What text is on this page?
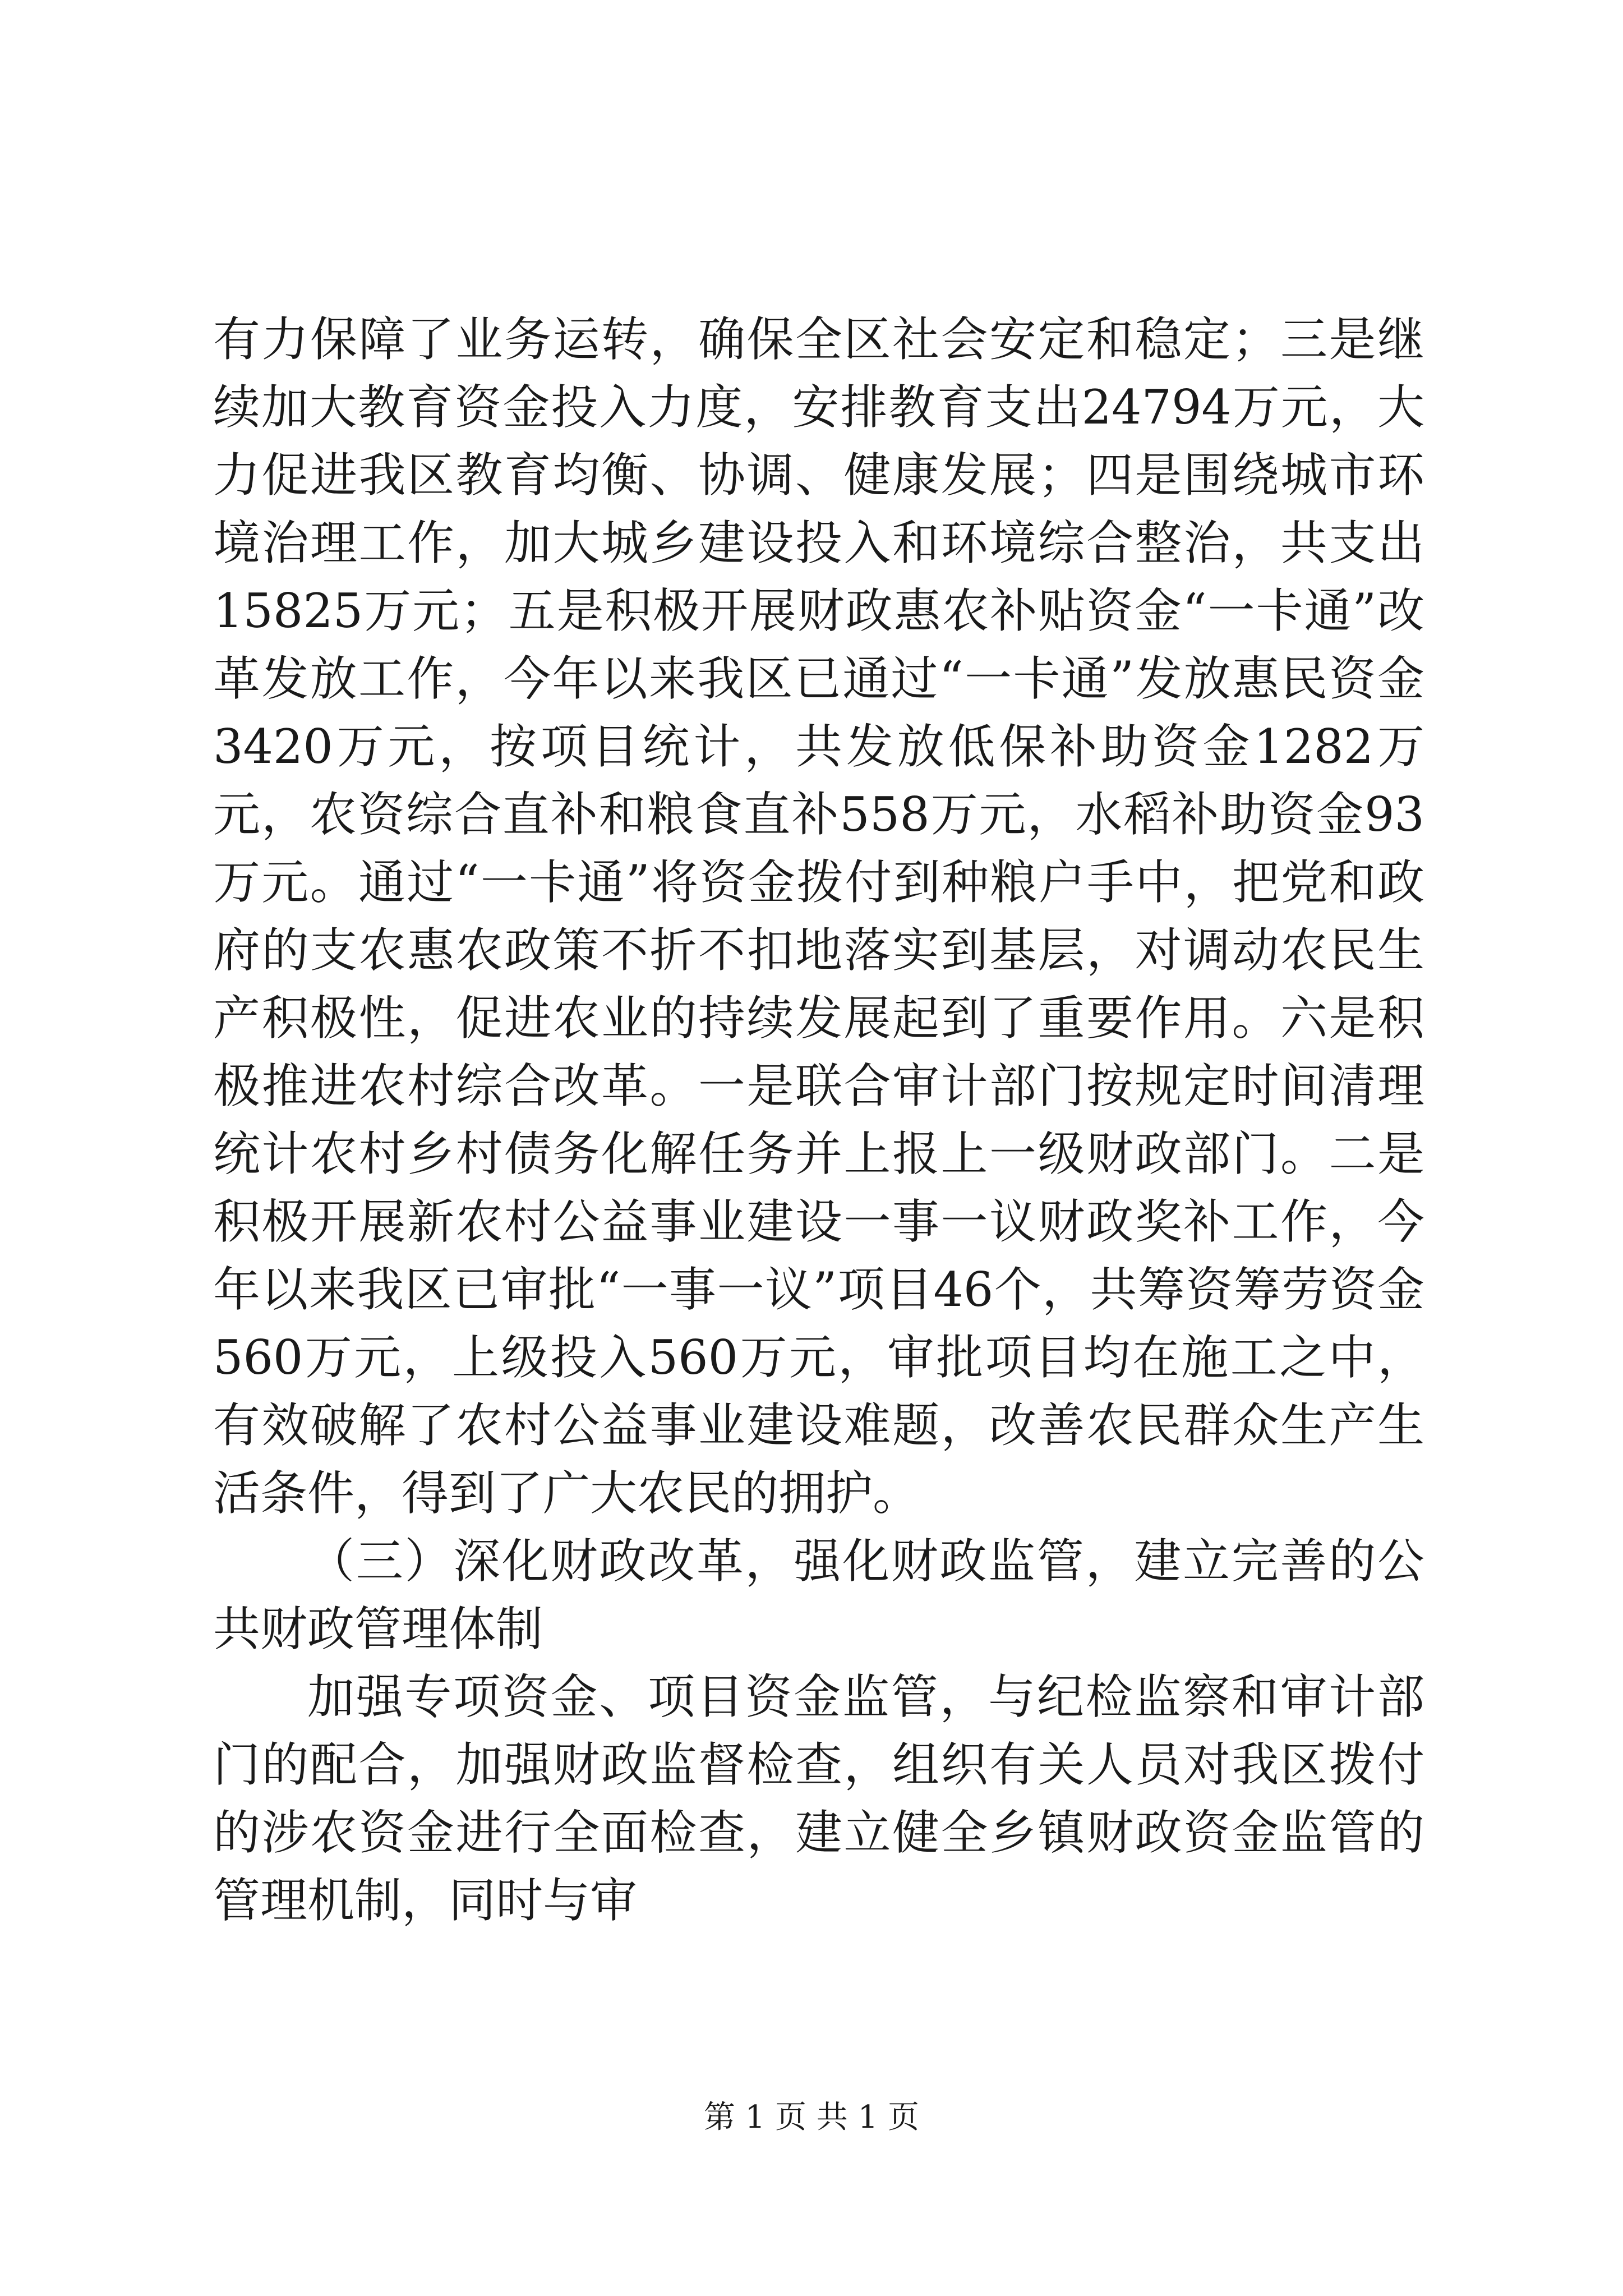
有力保障了业务运转，确保全区社会安定和稳定；三是继续加大教育资金投入力度，安排教育支出24794万元，大力促进我区教育均衡、协调、健康发展；四是围绕城市环境治理工作，加大城乡建设投入和环境综合整治，共支出15825万元；五是积极开展财政惠农补贴资金“一卡通”改革发放工作，今年以来我区已通过“一卡通”发放惠民资金3420万元，按项目统计，共发放低保补助资金1282万元，农资综合直补和粮食直补558万元，水稻补助资金93万元。通过“一卡通”将资金拨付到种粮户手中，把党和政府的支农惠农政策不折不扣地落实到基层，对调动农民生产积极性，促进农业的持续发展起到了重要作用。六是积极推进农村综合改革。一是联合审计部门按规定时间清理统计农村乡村债务化解任务并上报上一级财政部门。二是积极开展新农村公益事业建设一事一议财政奖补工作，今年以来我区已审批“一事一议”项目46个，共筹资筹劳资金560万元，上级投入560万元，审批项目均在施工之中，有效破解了农村公益事业建设难题，改善农民群众生产生活条件，得到了广大农民的拥护。

（三）深化财政改革，强化财政监管，建立完善的公共财政管理体制

加强专项资金、项目资金监管，与纪检监察和审计部门的配合，加强财政监督检查，组织有关人员对我区拨付的涉农资金进行全面检查，建立健全乡镇财政资金监管的管理机制，同时与审

第 1 页 共 1 页
